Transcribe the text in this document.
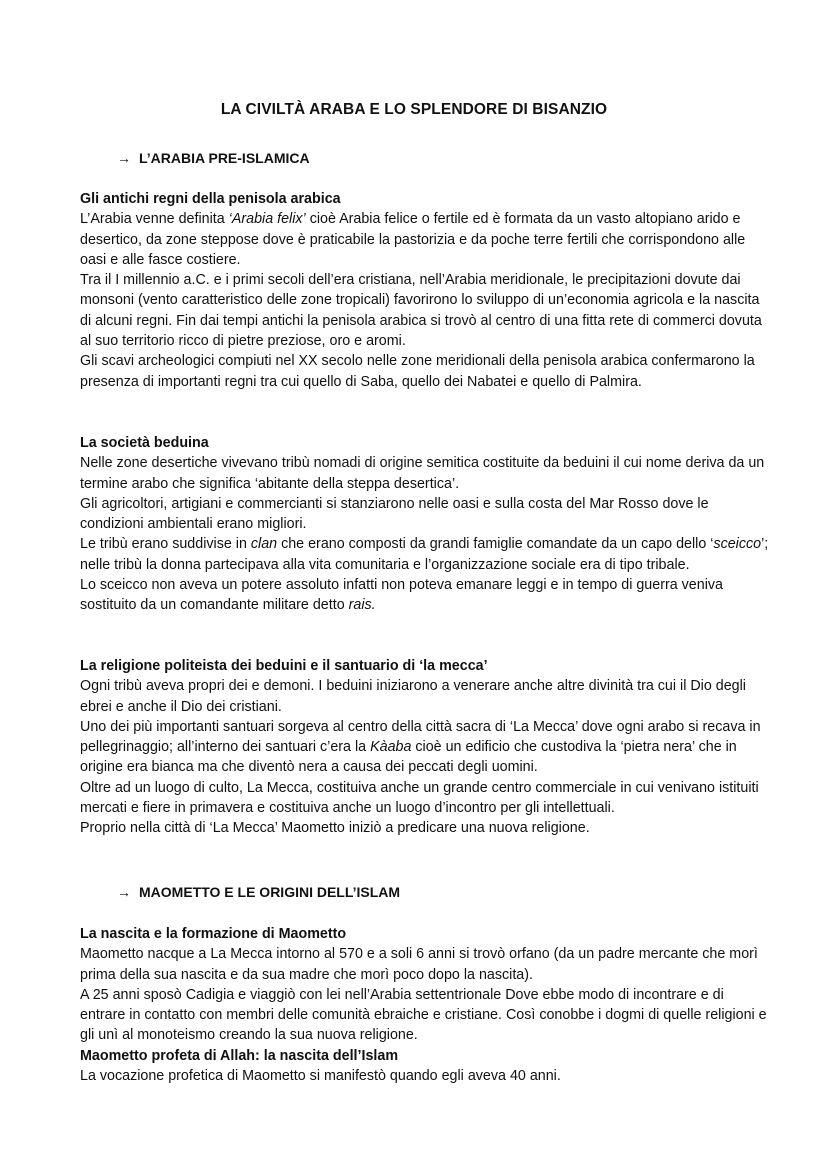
LA CIVILTÀ ARABA E LO SPLENDORE DI BISANZIO
→ L’ARABIA PRE-ISLAMICA

Gli antichi regni della penisola arabica

L’Arabia venne definita ‘Arabia felix’ cioè Arabia felice o fertile ed è formata da un vasto altopiano arido e desertico, da zone steppose dove è praticabile la pastorizia e da poche terre fertili che corrispondono alle oasi e alle fasce costiere.

Tra il I millennio a.C. e i primi secoli dell’era cristiana, nell’Arabia meridionale, le precipitazioni dovute dai monsoni (vento caratteristico delle zone tropicali) favorirono lo sviluppo di un’economia agricola e la nascita di alcuni regni. Fin dai tempi antichi la penisola arabica si trovò al centro di una fitta rete di commerci dovuta al suo territorio ricco di pietre preziose, oro e aromi.

Gli scavi archeologici compiuti nel XX secolo nelle zone meridionali della penisola arabica confermarono la presenza di importanti regni tra cui quello di Saba, quello dei Nabatei e quello di Palmira.

La società beduina

Nelle zone desertiche vivevano tribù nomadi di origine semitica costituite da beduini il cui nome deriva da un termine arabo che significa ‘abitante della steppa desertica’.

Gli agricoltori, artigiani e commercianti si stanziarono nelle oasi e sulla costa del Mar Rosso dove le condizioni ambientali erano migliori.

Le tribù erano suddivise in clan che erano composti da grandi famiglie comandate da un capo dello ‘sceicco’; nelle tribù la donna partecipava alla vita comunitaria e l’organizzazione sociale era di tipo tribale.

Lo sceicco non aveva un potere assoluto infatti non poteva emanare leggi e in tempo di guerra veniva sostituito da un comandante militare detto rais.

La religione politeista dei beduini e il santuario di ‘la mecca’

Ogni tribù aveva propri dei e demoni. I beduini iniziarono a venerare anche altre divinità tra cui il Dio degli ebrei e anche il Dio dei cristiani.

Uno dei più importanti santuari sorgeva al centro della città sacra di ‘La Mecca’ dove ogni arabo si recava in pellegrinaggio; all’interno dei santuari c’era la Kàaba cioè un edificio che custodiva la ‘pietra nera’ che in origine era bianca ma che diventò nera a causa dei peccati degli uomini.

Oltre ad un luogo di culto, La Mecca, costituiva anche un grande centro commerciale in cui venivano istituiti mercati e fiere in primavera e costituiva anche un luogo d’incontro per gli intellettuali.

Proprio nella città di ‘La Mecca’ Maometto iniziò a predicare una nuova religione.

→ MAOMETTO E LE ORIGINI DELL’ISLAM

La nascita e la formazione di Maometto

Maometto nacque a La Mecca intorno al 570 e a soli 6 anni si trovò orfano (da un padre mercante che morì prima della sua nascita e da sua madre che morì poco dopo la nascita).

A 25 anni sposò Cadigia e viaggiò con lei nell’Arabia settentrionale Dove ebbe modo di incontrare e di entrare in contatto con membri delle comunità ebraiche e cristiane. Così conobbe i dogmi di quelle religioni e gli unì al monoteismo creando la sua nuova religione.

Maometto profeta di Allah: la nascita dell’Islam

La vocazione profetica di Maometto si manifestò quando egli aveva 40 anni.
